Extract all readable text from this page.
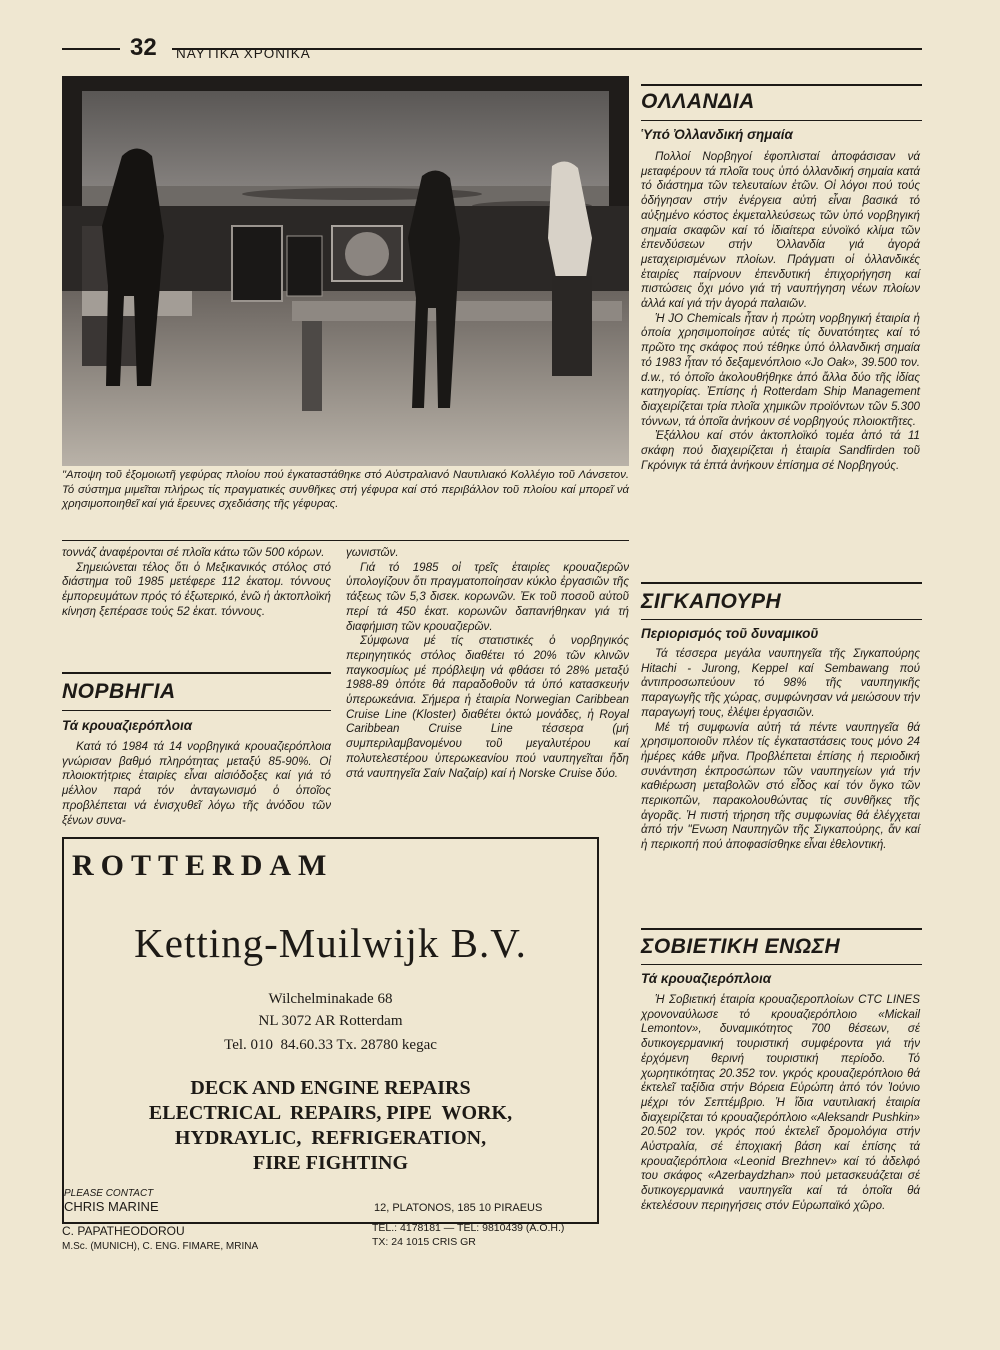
32 ΝΑΥΤΙΚΑ ΧΡΟΝΙΚΑ
"Αποψη τοῦ ἐξομοιωτῆ γεφύρας πλοίου πού ἐγκαταστάθηκε στό Αὐστραλιανό Ναυτιλιακό Κολλέγιο τοῦ Λάνσετον. Τό σύστημα μιμεῖται πλήρως τίς πραγματικές συνθῆκες στή γέφυρα καί στό περιβάλλον τοῦ πλοίου καί μπορεῖ νά χρησιμοποιηθεῖ καί γιά ἔρευνες σχεδιάσης τῆς γέφυρας.

τοννάζ ἀναφέρονται σέ πλοῖα κάτω τῶν 500 κόρων.

Σημειώνεται τέλος ὅτι ὁ Μεξικανικός στόλος στό διάστημα τοῦ 1985 μετέφερε 112 ἑκατομ. τόννους ἐμπορευμάτων πρός τό ἐξωτερικό, ἐνῶ ἡ ἀκτοπλοϊκή κίνηση ξεπέρασε τούς 52 ἑκατ. τόννους.

ΝΟΡΒΗΓΙΑ
Τά κρουαζιερόπλοια

Κατά τό 1984 τά 14 νορβηγικά κρουαζιερόπλοια γνώρισαν βαθμό πληρότητας μεταξύ 85-90%. Οἱ πλοιοκτήτριες ἑταιρίες εἶναι αἰσιόδοξες καί γιά τό μέλλον παρά τόν ἀνταγωνισμό ὁ ὁποῖος προβλέπεται νά ἐνισχυθεῖ λόγω τῆς ἀνόδου τῶν ξένων συνα-

γωνιστῶν.

Γιά τό 1985 οἱ τρεῖς ἑταιρίες κρουαζιερῶν ὑπολογίζουν ὅτι πραγματοποίησαν κύκλο ἐργασιῶν τῆς τάξεως τῶν 5,3 δισεκ. κορωνῶν. Ἐκ τοῦ ποσοῦ αὐτοῦ περί τά 450 ἑκατ. κορωνῶν δαπανήθηκαν γιά τή διαφήμιση τῶν κρουαζιερῶν.

Σύμφωνα μέ τίς στατιστικές ὁ νορβηγικός περιηγητικός στόλος διαθέτει τό 20% τῶν κλινῶν παγκοσμίως μέ πρόβλεψη νά φθάσει τό 28% μεταξύ 1988-89 ὁπότε θά παραδοθοῦν τά ὑπό κατασκευήν ὑπερωκεάνια. Σήμερα ἡ ἑταιρία Norwegian Caribbean Cruise Line (Kloster) διαθέτει ὀκτώ μονάδες, ἡ Royal Caribbean Cruise Line τέσσερα (μή συμπεριλαμβανομένου τοῦ μεγαλυτέρου καί πολυτελεστέρου ὑπερωκεανίου πού ναυπηγεῖται ἤδη στά ναυπηγεῖα Σαίν Ναζαίρ) καί ἡ Norske Cruise δύο.

ΟΛΛΑΝΔΙΑ
Ὑπό Ὀλλανδική σημαία

Πολλοί Νορβηγοί ἐφοπλισταί ἀποφάσισαν νά μεταφέρουν τά πλοῖα τους ὑπό ὀλλανδική σημαία κατά τό διάστημα τῶν τελευταίων ἐτῶν. Οἱ λόγοι πού τούς ὁδήγησαν στήν ἐνέργεια αὐτή εἶναι βασικά τό αὐξημένο κόστος ἐκμεταλλεύσεως τῶν ὑπό νορβηγική σημαία σκαφῶν καί τό ἰδιαίτερα εὐνοϊκό κλίμα τῶν ἐπενδύσεων στήν Ὀλλανδία γιά ἀγορά μεταχειρισμένων πλοίων. Πράγματι οἱ ὀλλανδικές ἑταιρίες παίρνουν ἐπενδυτική ἐπιχορήγηση καί πιστώσεις ὄχι μόνο γιά τή ναυπήγηση νέων πλοίων ἀλλά καί γιά τήν ἀγορά παλαιῶν.

Ἡ JO Chemicals ἦταν ἡ πρώτη νορβηγική ἑταιρία ἡ ὁποία χρησιμοποίησε αὐτές τίς δυνατότητες καί τό πρῶτο της σκάφος πού τέθηκε ὑπό ὀλλανδική σημαία τό 1983 ἦταν τό δεξαμενόπλοιο «Jo Oak», 39.500 τον. d.w., τό ὁποῖο ἀκολουθήθηκε ἀπό ἄλλα δύο τῆς ἰδίας κατηγορίας. Ἐπίσης ἡ Rotterdam Ship Management διαχειρίζεται τρία πλοῖα χημικῶν προϊόντων τῶν 5.300 τόννων, τά ὁποῖα ἀνήκουν σέ νορβηγούς πλοιοκτῆτες.

Ἐξάλλου καί στόν ἀκτοπλοϊκό τομέα ἀπό τά 11 σκάφη πού διαχειρίζεται ἡ ἑταιρία Sandfirden τοῦ Γκρόνιγκ τά ἑπτά ἀνήκουν ἐπίσημα σέ Νορβηγούς.

ΣΙΓΚΑΠΟΥΡΗ
Περιορισμός τοῦ δυναμικοῦ

Τά τέσσερα μεγάλα ναυπηγεῖα τῆς Σιγκαπούρης Hitachi - Jurong, Keppel καί Sembawang πού ἀντιπροσωπεύουν τό 98% τῆς ναυπηγικῆς παραγωγῆς τῆς χώρας, συμφώνησαν νά μειώσουν τήν παραγωγή τους, ἐλέψει ἐργασιῶν.

Μέ τή συμφωνία αὐτή τά πέντε ναυπηγεῖα θά χρησιμοποιοῦν πλέον τίς ἐγκαταστάσεις τους μόνο 24 ἡμέρες κάθε μῆνα. Προβλέπεται ἐπίσης ἡ περιοδική συνάντηση ἐκπροσώπων τῶν ναυπηγείων γιά τήν καθιέρωση μεταβολῶν στό εἶδος καί τόν ὄγκο τῶν περικοπῶν, παρακολουθώντας τίς συνθῆκες τῆς ἀγορᾶς. Ἡ πιστή τήρηση τῆς συμφωνίας θά ἐλέγχεται ἀπό τήν "Ενωση Ναυπηγῶν τῆς Σιγκαπούρης, ἄν καί ἡ περικοπή πού ἀποφασίσθηκε εἶναι ἐθελοντική.

ΣΟΒΙΕΤΙΚΗ ΕΝΩΣΗ
Τά κρουαζιερόπλοια

Ἡ Σοβιετική ἑταιρία κρουαζιεροπλοίων CTC LINES χρονοναύλωσε τό κρουαζιερόπλοιο «Mickail Lemontov», δυναμικότητος 700 θέσεων, σέ δυτικογερμανική τουριστική συμφέροντα γιά τήν ἐρχόμενη θερινή τουριστική περίοδο. Τό χωρητικότητας 20.352 τον. γκρός κρουαζιερόπλοιο θά ἐκτελεῖ ταξίδια στήν Βόρεια Εὐρώπη ἀπό τόν Ἰούνιο μέχρι τόν Σεπτέμβριο. Ἡ ἴδια ναυτιλιακή ἑταιρία διαχειρίζεται τό κρουαζιερόπλοιο «Aleksandr Pushkin» 20.502 τον. γκρός πού ἐκτελεῖ δρομολόγια στήν Αὐστραλία, σέ ἐποχιακή βάση καί ἐπίσης τά κρουαζιερόπλοια «Leonid Brezhnev» καί τό ἀδελφό του σκάφος «Azerbaydzhan» πού μετασκευάζεται σέ δυτικογερμανικά ναυπηγεῖα καί τά ὁποῖα θά ἐκτελέσουν περιηγήσεις στόν Εὐρωπαϊκό χῶρο.

ROTTERDAM
Ketting-Muilwijk B.V.
Wilchelminakade 68
NL 3072 AR Rotterdam
Tel. 010  84.60.33 Tx. 28780 kegac
DECK AND ENGINE REPAIRS
ELECTRICAL  REPAIRS, PIPE  WORK,
HYDRAYLIC,  REFRIGERATION,
FIRE FIGHTING
PLEASE CONTACT
CHRIS MARINE	12, PLATONOS, 185 10 PIRAEUS
C. PAPATHEODOROU
M.Sc. (MUNICH), C. ENG. FIMARE, MRINA
TEL.: 4178181 — TEL: 9810439 (A.O.H.)
TX: 24 1015 CRIS GR
